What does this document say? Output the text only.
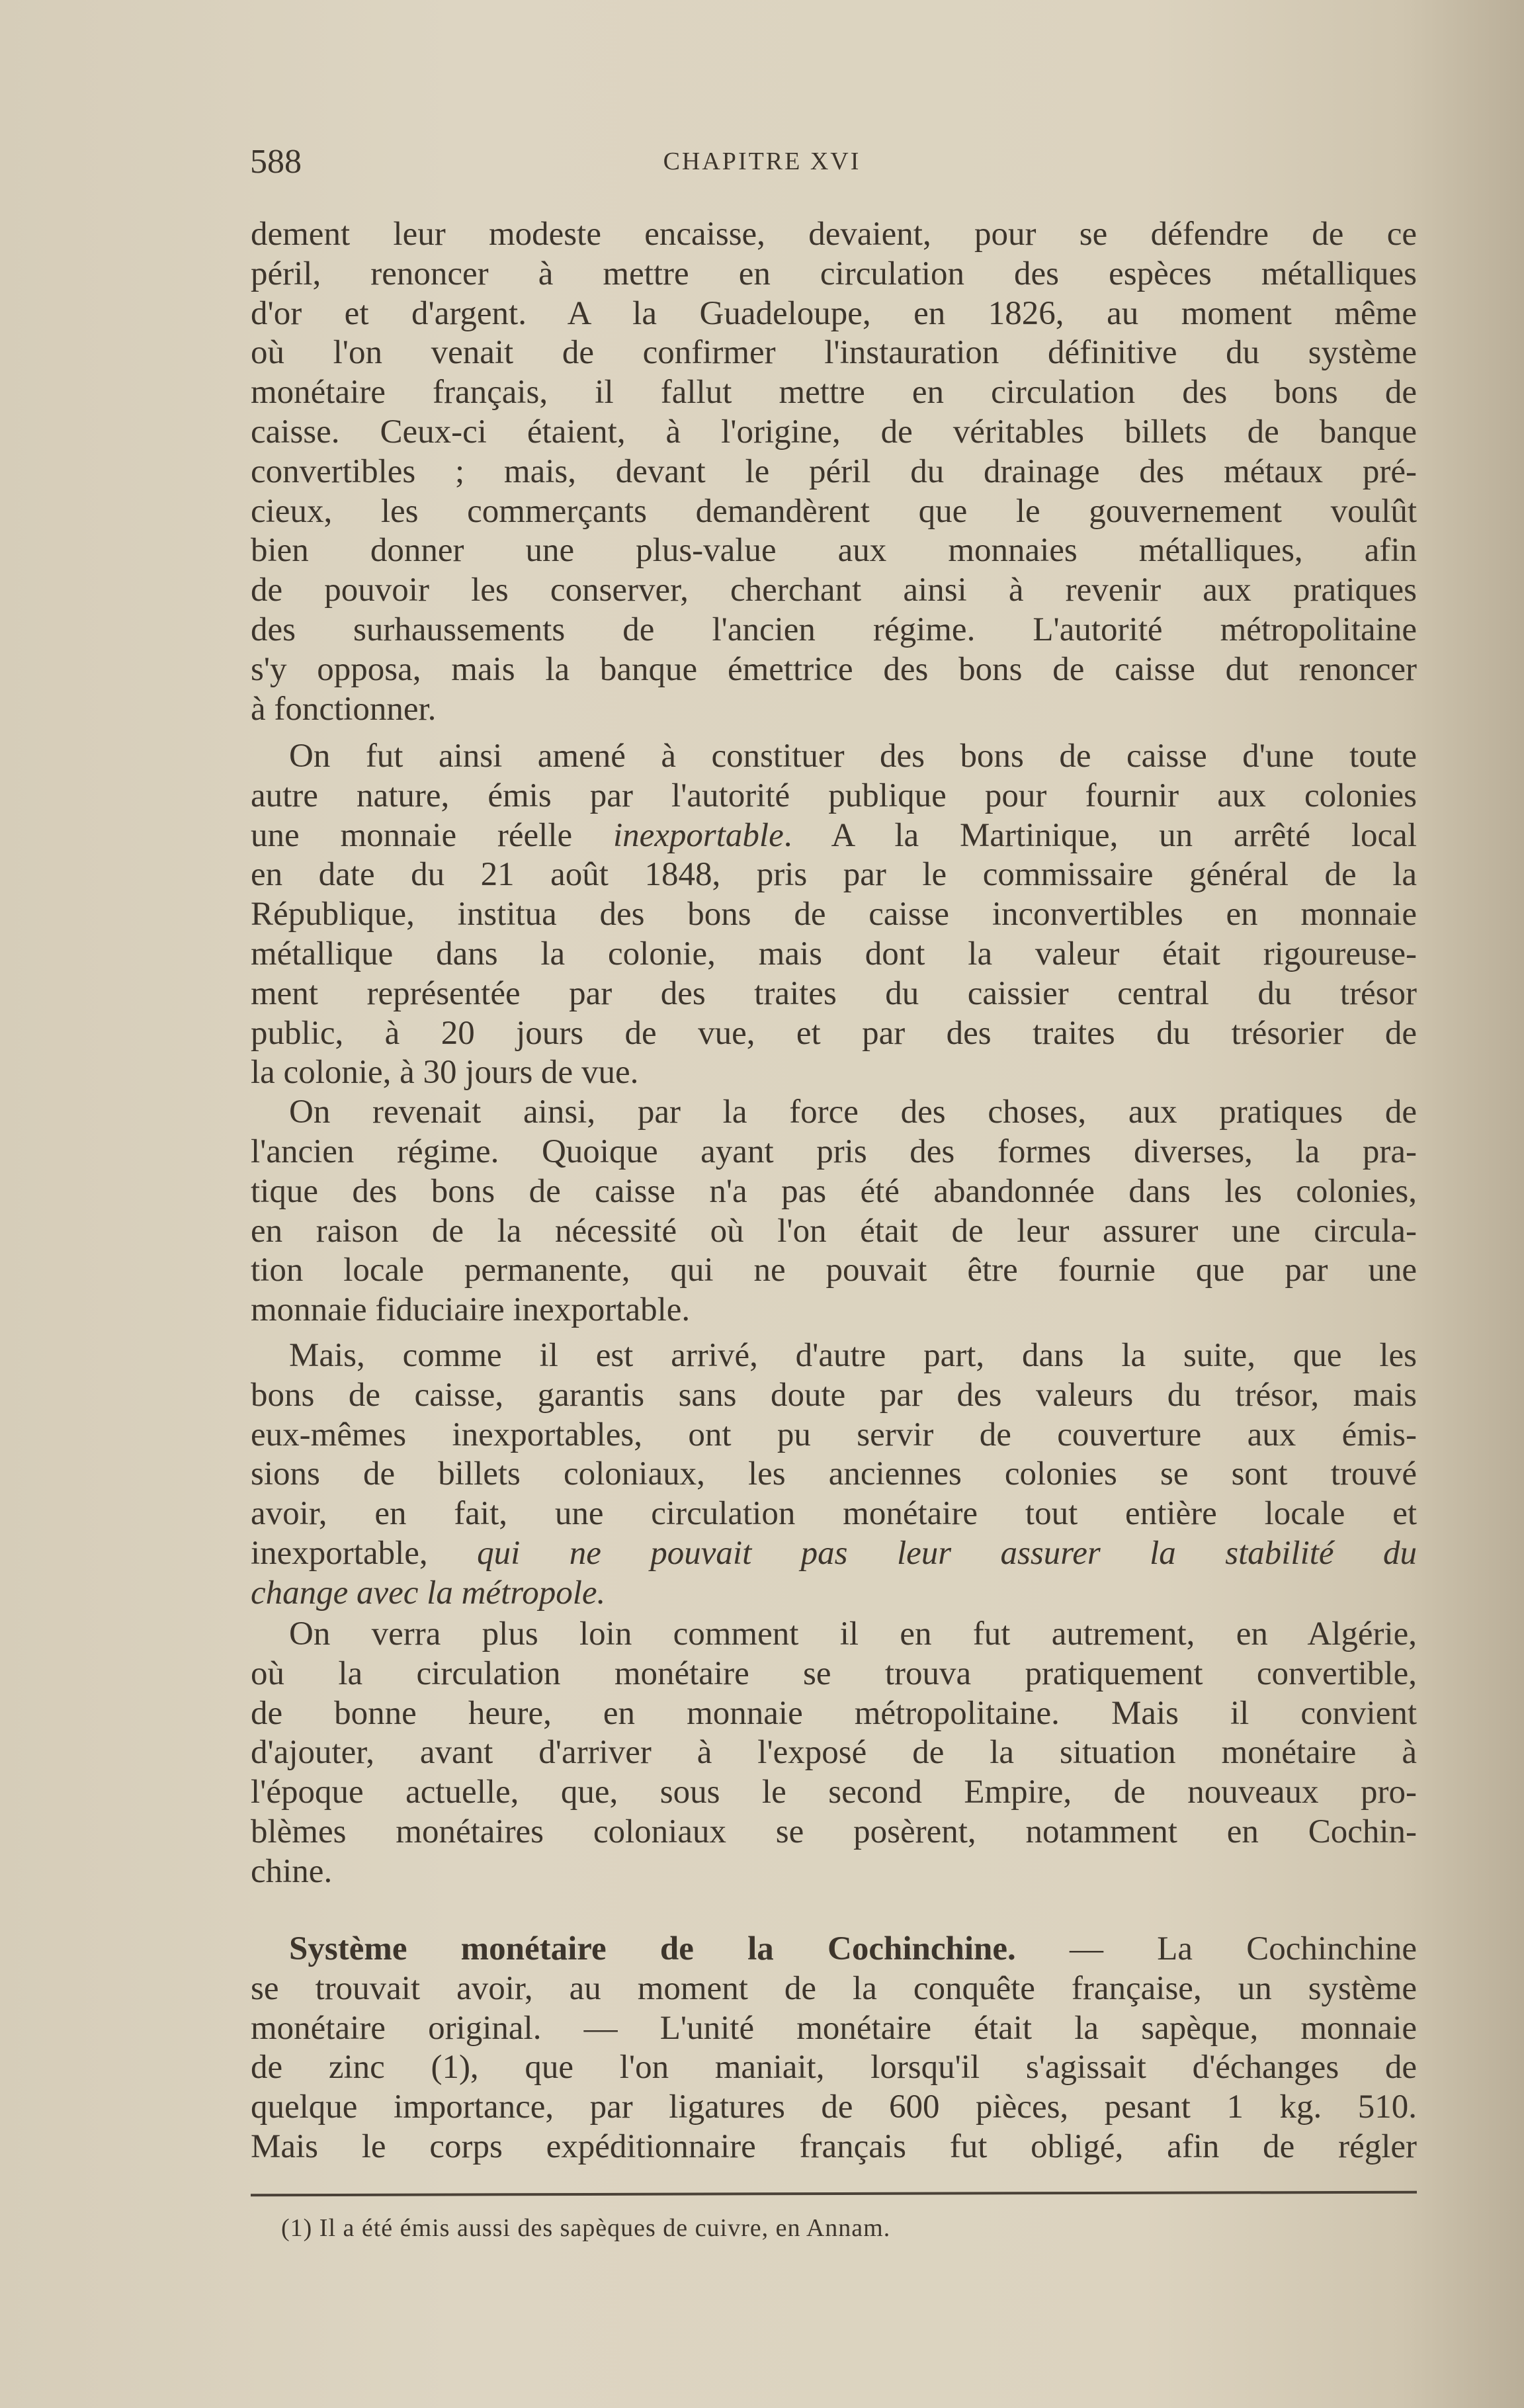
588	CHAPITRE XVI
dement leur modeste encaisse, devaient, pour se défendre de ce
péril, renoncer à mettre en circulation des espèces métalliques
d'or et d'argent. A la Guadeloupe, en 1826, au moment même
où l'on venait de confirmer l'instauration définitive du système
monétaire français, il fallut mettre en circulation des bons de
caisse. Ceux-ci étaient, à l'origine, de véritables billets de banque
convertibles ; mais, devant le péril du drainage des métaux pré-
cieux, les commerçants demandèrent que le gouvernement voulût
bien donner une plus-value aux monnaies métalliques, afin
de pouvoir les conserver, cherchant ainsi à revenir aux pratiques
des surhaussements de l'ancien régime. L'autorité métropolitaine
s'y opposa, mais la banque émettrice des bons de caisse dut renoncer
à fonctionner.
On fut ainsi amené à constituer des bons de caisse d'une toute
autre nature, émis par l'autorité publique pour fournir aux colonies
une monnaie réelle inexportable. A la Martinique, un arrêté local
en date du 21 août 1848, pris par le commissaire général de la
République, institua des bons de caisse inconvertibles en monnaie
métallique dans la colonie, mais dont la valeur était rigoureuse-
ment représentée par des traites du caissier central du trésor
public, à 20 jours de vue, et par des traites du trésorier de
la colonie, à 30 jours de vue.
On revenait ainsi, par la force des choses, aux pratiques de
l'ancien régime. Quoique ayant pris des formes diverses, la pra-
tique des bons de caisse n'a pas été abandonnée dans les colonies,
en raison de la nécessité où l'on était de leur assurer une circula-
tion locale permanente, qui ne pouvait être fournie que par une
monnaie fiduciaire inexportable.
Mais, comme il est arrivé, d'autre part, dans la suite, que les
bons de caisse, garantis sans doute par des valeurs du trésor, mais
eux-mêmes inexportables, ont pu servir de couverture aux émis-
sions de billets coloniaux, les anciennes colonies se sont trouvé
avoir, en fait, une circulation monétaire tout entière locale et
inexportable, qui ne pouvait pas leur assurer la stabilité du
change avec la métropole.
On verra plus loin comment il en fut autrement, en Algérie,
où la circulation monétaire se trouva pratiquement convertible,
de bonne heure, en monnaie métropolitaine. Mais il convient
d'ajouter, avant d'arriver à l'exposé de la situation monétaire à
l'époque actuelle, que, sous le second Empire, de nouveaux pro-
blèmes monétaires coloniaux se posèrent, notamment en Cochin-
chine.
Système monétaire de la Cochinchine. — La Cochinchine
se trouvait avoir, au moment de la conquête française, un système
monétaire original. — L'unité monétaire était la sapèque, monnaie
de zinc (1), que l'on maniait, lorsqu'il s'agissait d'échanges de
quelque importance, par ligatures de 600 pièces, pesant 1 kg. 510.
Mais le corps expéditionnaire français fut obligé, afin de régler
(1) Il a été émis aussi des sapèques de cuivre, en Annam.
